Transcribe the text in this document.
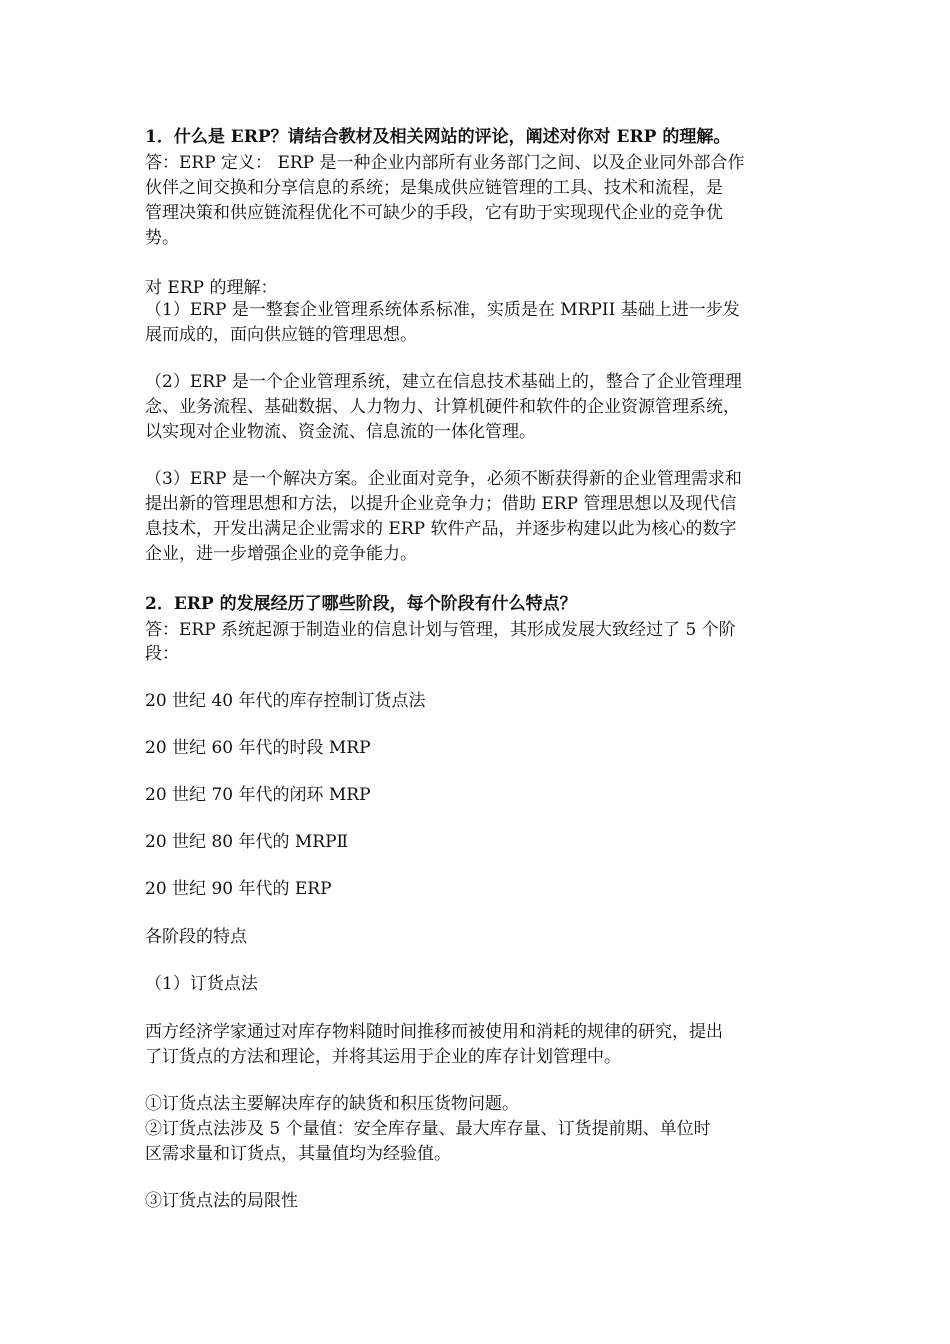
1．什么是 ERP？请结合教材及相关网站的评论，阐述对你对 ERP 的理解。
答：ERP 定义： ERP 是一种企业内部所有业务部门之间、以及企业同外部合作
伙伴之间交换和分享信息的系统；是集成供应链管理的工具、技术和流程，是
管理决策和供应链流程优化不可缺少的手段，它有助于实现现代企业的竞争优
势。
对 ERP 的理解：
（1）ERP 是一整套企业管理系统体系标准，实质是在 MRPII 基础上进一步发
展而成的，面向供应链的管理思想。
（2）ERP 是一个企业管理系统，建立在信息技术基础上的，整合了企业管理理
念、业务流程、基础数据、人力物力、计算机硬件和软件的企业资源管理系统，
以实现对企业物流、资金流、信息流的一体化管理。
（3）ERP 是一个解决方案。企业面对竞争，必须不断获得新的企业管理需求和
提出新的管理思想和方法，以提升企业竞争力；借助 ERP 管理思想以及现代信
息技术，开发出满足企业需求的 ERP 软件产品，并逐步构建以此为核心的数字
企业，进一步增强企业的竞争能力。
2．ERP 的发展经历了哪些阶段，每个阶段有什么特点？
答：ERP 系统起源于制造业的信息计划与管理，其形成发展大致经过了 5 个阶
段：
20 世纪 40 年代的库存控制订货点法
20 世纪 60 年代的时段 MRP
20 世纪 70 年代的闭环 MRP
20 世纪 80 年代的 MRPⅡ
20 世纪 90 年代的 ERP
各阶段的特点
（1）订货点法
西方经济学家通过对库存物料随时间推移而被使用和消耗的规律的研究，提出
了订货点的方法和理论，并将其运用于企业的库存计划管理中。
①订货点法主要解决库存的缺货和积压货物问题。
②订货点法涉及 5 个量值：安全库存量、最大库存量、订货提前期、单位时
区需求量和订货点，其量值均为经验值。
③订货点法的局限性
